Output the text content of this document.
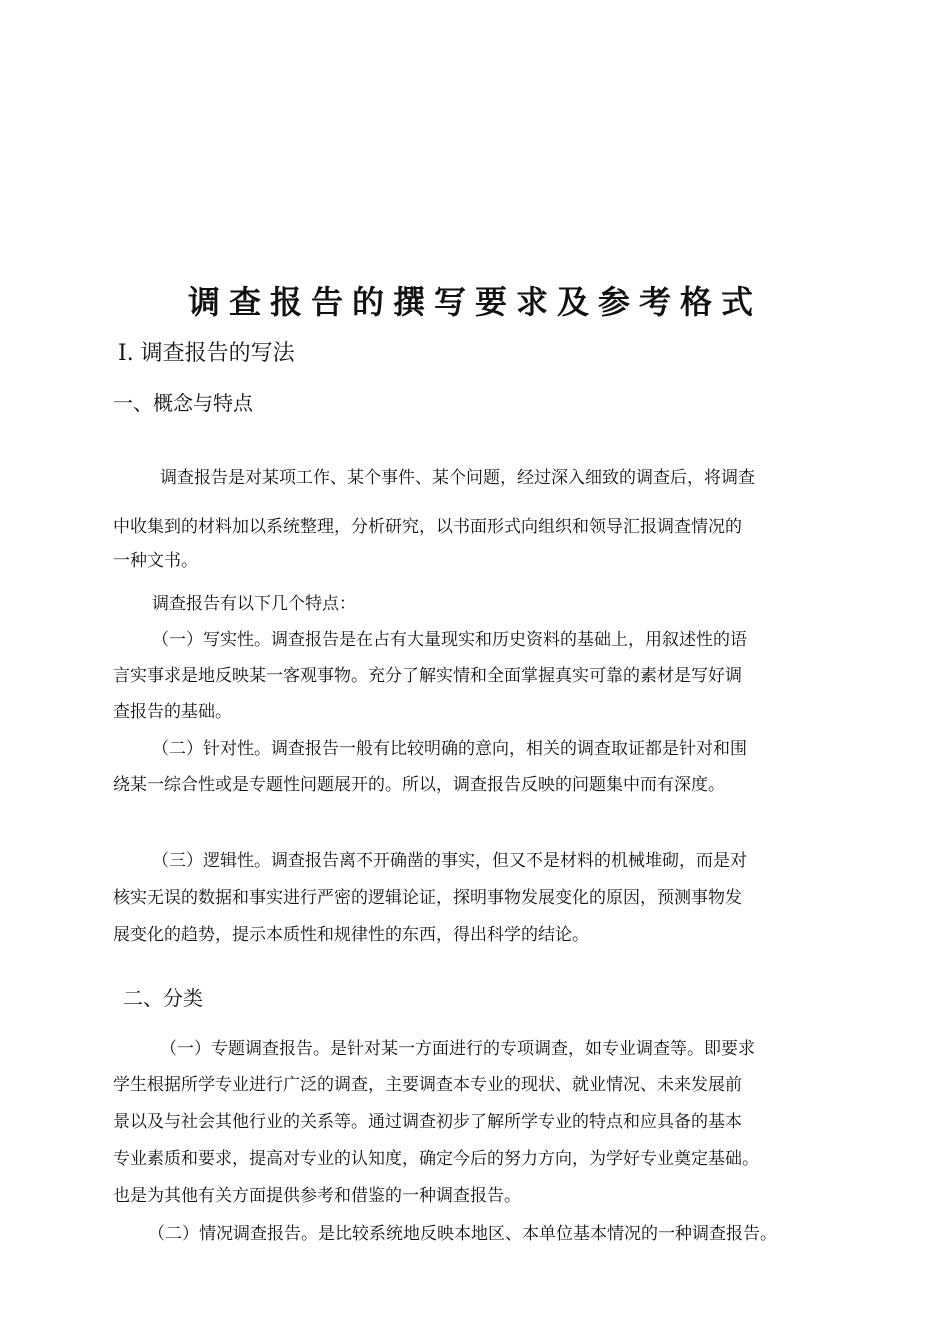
调查报告的撰写要求及参考格式
Ⅰ. 调查报告的写法
一、概念与特点
调查报告是对某项工作、某个事件、某个问题，经过深入细致的调查后，将调查
中收集到的材料加以系统整理，分析研究，以书面形式向组织和领导汇报调查情况的
一种文书。
调查报告有以下几个特点：
（一）写实性。调查报告是在占有大量现实和历史资料的基础上，用叙述性的语
言实事求是地反映某一客观事物。充分了解实情和全面掌握真实可靠的素材是写好调
查报告的基础。
（二）针对性。调查报告一般有比较明确的意向，相关的调查取证都是针对和围
绕某一综合性或是专题性问题展开的。所以，调查报告反映的问题集中而有深度。
（三）逻辑性。调查报告离不开确凿的事实，但又不是材料的机械堆砌，而是对
核实无误的数据和事实进行严密的逻辑论证，探明事物发展变化的原因，预测事物发
展变化的趋势，提示本质性和规律性的东西，得出科学的结论。
二、分类
（一）专题调查报告。是针对某一方面进行的专项调查，如专业调查等。即要求
学生根据所学专业进行广泛的调查，主要调查本专业的现状、就业情况、未来发展前
景以及与社会其他行业的关系等。通过调查初步了解所学专业的特点和应具备的基本
专业素质和要求，提高对专业的认知度，确定今后的努力方向，为学好专业奠定基础。
也是为其他有关方面提供参考和借鉴的一种调查报告。
（二）情况调查报告。是比较系统地反映本地区、本单位基本情况的一种调查报告。
